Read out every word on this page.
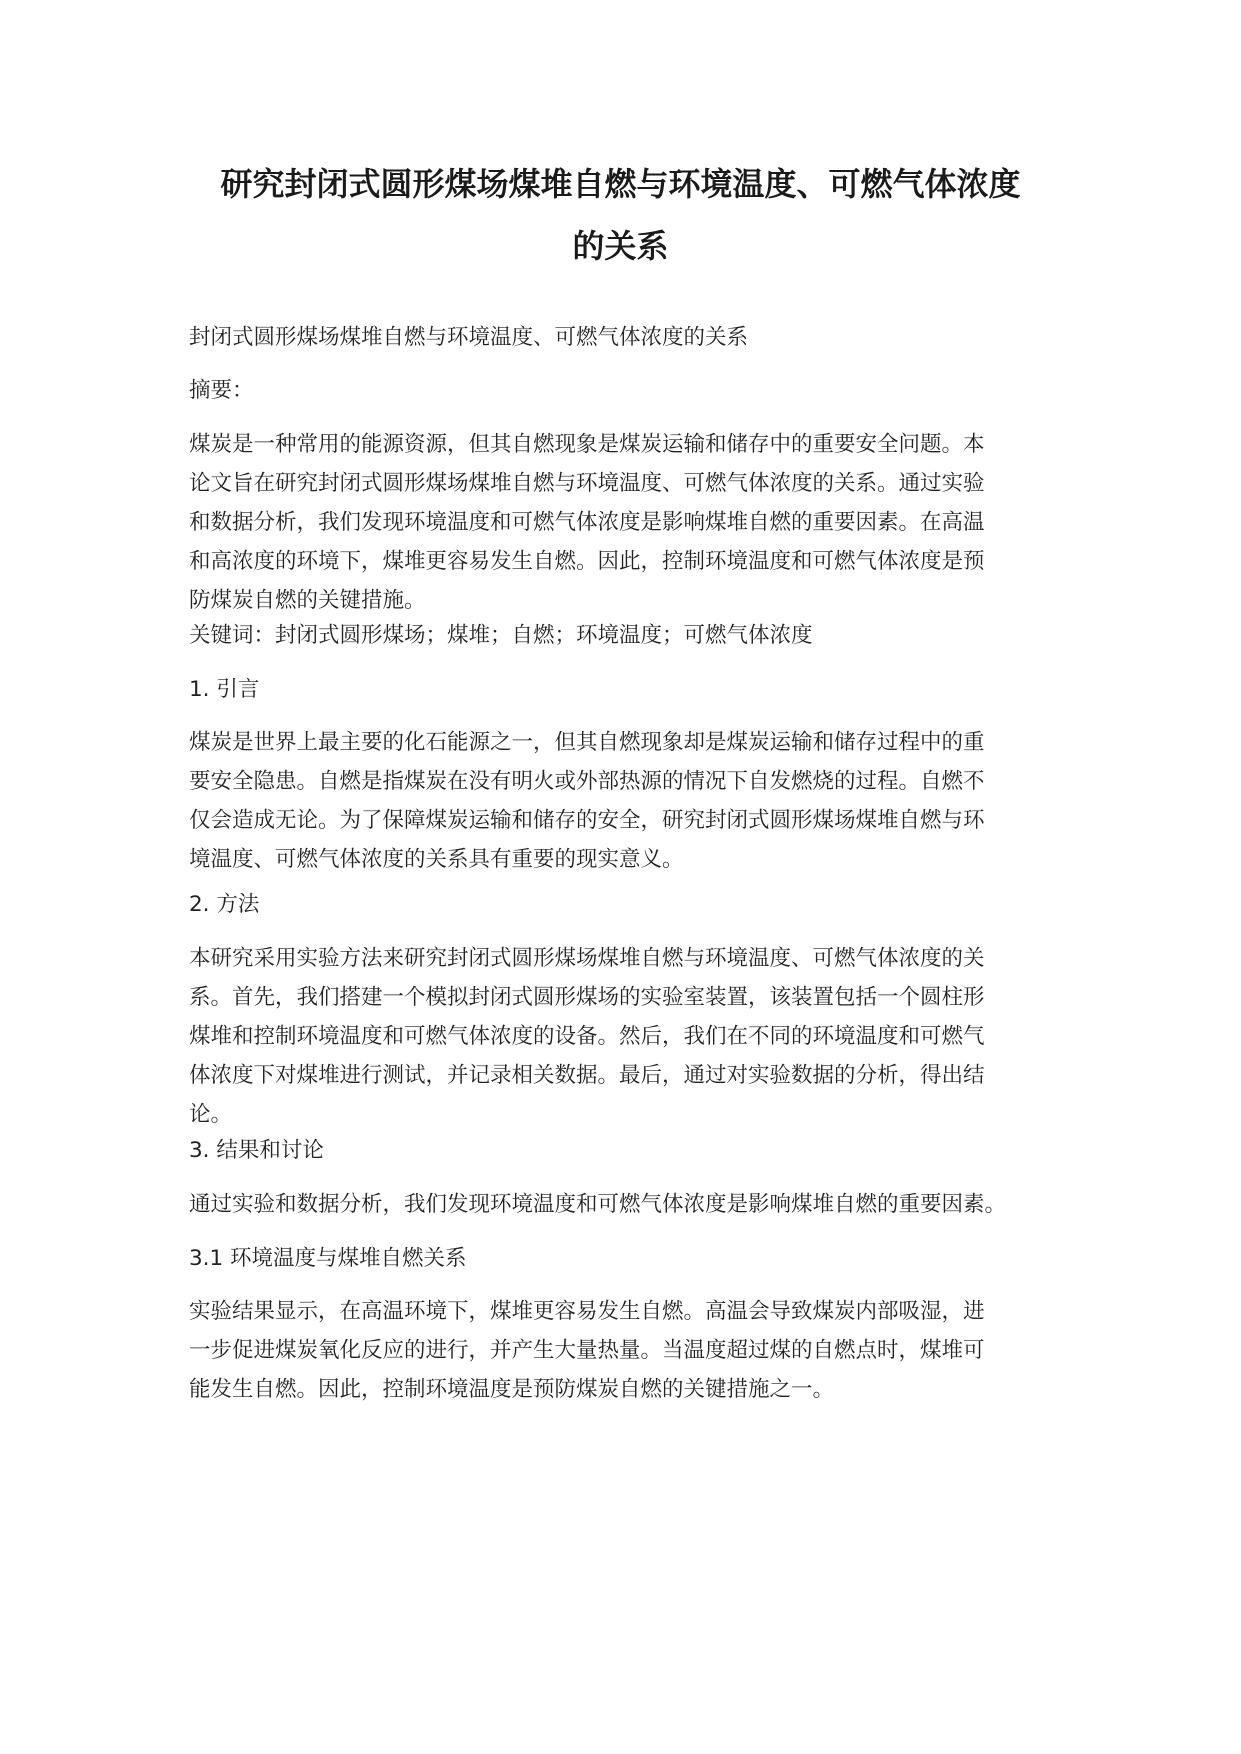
研究封闭式圆形煤场煤堆自燃与环境温度、可燃气体浓度
的关系

封闭式圆形煤场煤堆自燃与环境温度、可燃气体浓度的关系

摘要：

煤炭是一种常用的能源资源，但其自燃现象是煤炭运输和储存中的重要安全问题。本
论文旨在研究封闭式圆形煤场煤堆自燃与环境温度、可燃气体浓度的关系。通过实验
和数据分析，我们发现环境温度和可燃气体浓度是影响煤堆自燃的重要因素。在高温
和高浓度的环境下，煤堆更容易发生自燃。因此，控制环境温度和可燃气体浓度是预
防煤炭自燃的关键措施。

关键词：封闭式圆形煤场；煤堆；自燃；环境温度；可燃气体浓度

1. 引言

煤炭是世界上最主要的化石能源之一，但其自燃现象却是煤炭运输和储存过程中的重
要安全隐患。自燃是指煤炭在没有明火或外部热源的情况下自发燃烧的过程。自燃不
仅会造成无论。为了保障煤炭运输和储存的安全，研究封闭式圆形煤场煤堆自燃与环
境温度、可燃气体浓度的关系具有重要的现实意义。

2. 方法

本研究采用实验方法来研究封闭式圆形煤场煤堆自燃与环境温度、可燃气体浓度的关
系。首先，我们搭建一个模拟封闭式圆形煤场的实验室装置，该装置包括一个圆柱形
煤堆和控制环境温度和可燃气体浓度的设备。然后，我们在不同的环境温度和可燃气
体浓度下对煤堆进行测试，并记录相关数据。最后，通过对实验数据的分析，得出结
论。

3. 结果和讨论

通过实验和数据分析，我们发现环境温度和可燃气体浓度是影响煤堆自燃的重要因素。

3.1 环境温度与煤堆自燃关系

实验结果显示，在高温环境下，煤堆更容易发生自燃。高温会导致煤炭内部吸湿，进
一步促进煤炭氧化反应的进行，并产生大量热量。当温度超过煤的自燃点时，煤堆可
能发生自燃。因此，控制环境温度是预防煤炭自燃的关键措施之一。
